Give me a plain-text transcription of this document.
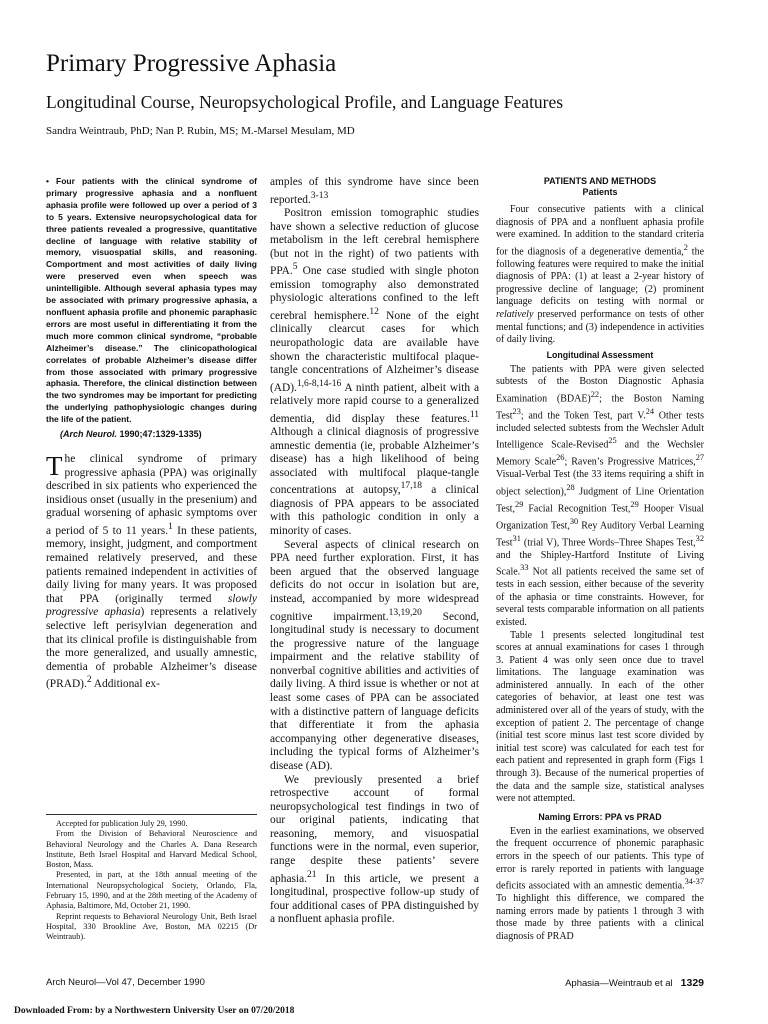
Primary Progressive Aphasia
Longitudinal Course, Neuropsychological Profile, and Language Features
Sandra Weintraub, PhD; Nan P. Rubin, MS; M.-Marsel Mesulam, MD
• Four patients with the clinical syndrome of primary progressive aphasia and a nonfluent aphasia profile were followed up over a period of 3 to 5 years. Extensive neuropsychological data for three patients revealed a progressive, quantitative decline of language with relative stability of memory, visuospatial skills, and reasoning. Comportment and most activities of daily living were preserved even when speech was unintelligible. Although several aphasia types may be associated with primary progressive aphasia, a nonfluent aphasia profile and phonemic paraphasic errors are most useful in differentiating it from the much more common clinical syndrome, “probable Alzheimer’s disease.” The clinicopathological correlates of probable Alzheimer’s disease differ from those associated with primary progressive aphasia. Therefore, the clinical distinction between the two syndromes may be important for predicting the underlying pathophysiologic changes during the life of the patient.
(Arch Neurol. 1990;47:1329-1335)

The clinical syndrome of primary progressive aphasia (PPA) was originally described in six patients who experienced the insidious onset (usually in the presenium) and gradual worsening of aphasic symptoms over a period of 5 to 11 years.$^1$ In these patients, memory, insight, judgment, and comportment remained relatively preserved, and these patients remained independent in activities of daily living for many years. It was proposed that PPA (originally termed slowly progressive aphasia) represents a relatively selective left perisylvian degeneration and that its clinical profile is distinguishable from the more generalized, and usually amnestic, dementia of probable Alzheimer’s disease (PRAD).$^2$ Additional ex-

Accepted for publication July 29, 1990.

From the Division of Behavioral Neuroscience and Behavioral Neurology and the Charles A. Dana Research Institute, Beth Israel Hospital and Harvard Medical School, Boston, Mass.

Presented, in part, at the 18th annual meeting of the International Neuropsychological Society, Orlando, Fla, February 15, 1990, and at the 28th meeting of the Academy of Aphasia, Baltimore, Md, October 21, 1990.

Reprint requests to Behavioral Neurology Unit, Beth Israel Hospital, 330 Brookline Ave, Boston, MA 02215 (Dr Weintraub).

amples of this syndrome have since been reported.$^{3-13}$

Positron emission tomographic studies have shown a selective reduction of glucose metabolism in the left cerebral hemisphere (but not in the right) of two patients with PPA.$^5$ One case studied with single photon emission tomography also demonstrated physiologic alterations confined to the left cerebral hemisphere.$^{12}$ None of the eight clinically clearcut cases for which neuropathologic data are available have shown the characteristic multifocal plaque-tangle concentrations of Alzheimer’s disease (AD).$^{1,6-8,14-16}$ A ninth patient, albeit with a relatively more rapid course to a generalized dementia, did display these features.$^{11}$ Although a clinical diagnosis of progressive amnestic dementia (ie, probable Alzheimer’s disease) has a high likelihood of being associated with multifocal plaque-tangle concentrations at autopsy,$^{17,18}$ a clinical diagnosis of PPA appears to be associated with this pathologic condition in only a minority of cases.

Several aspects of clinical research on PPA need further exploration. First, it has been argued that the observed language deficits do not occur in isolation but are, instead, accompanied by more widespread cognitive impairment.$^{13,19,20}$ Second, longitudinal study is necessary to document the progressive nature of the language impairment and the relative stability of nonverbal cognitive abilities and activities of daily living. A third issue is whether or not at least some cases of PPA can be associated with a distinctive pattern of language deficits that differentiate it from the aphasia accompanying other degenerative diseases, including the typical forms of Alzheimer’s disease (AD).

We previously presented a brief retrospective account of formal neuropsychological test findings in two of our original patients, indicating that reasoning, memory, and visuospatial functions were in the normal, even superior, range despite these patients’ severe aphasia.$^{21}$ In this article, we present a longitudinal, prospective follow-up study of four additional cases of PPA distinguished by a nonfluent aphasia profile.

PATIENTS AND METHODS

Patients

Four consecutive patients with a clinical diagnosis of PPA and a nonfluent aphasia profile were examined. In addition to the standard criteria for the diagnosis of a degenerative dementia,$^2$ the following features were required to make the initial diagnosis of PPA: (1) at least a 2-year history of progressive decline of language; (2) prominent language deficits on testing with normal or relatively preserved performance on tests of other mental functions; and (3) independence in activities of daily living.

Longitudinal Assessment

The patients with PPA were given selected subtests of the Boston Diagnostic Aphasia Examination (BDAE)$^{22}$; the Boston Naming Test$^{23}$; and the Token Test, part V.$^{24}$ Other tests included selected subtests from the Wechsler Adult Intelligence Scale-Revised$^{25}$ and the Wechsler Memory Scale$^{26}$; Raven’s Progressive Matrices,$^{27}$ Visual-Verbal Test (the 33 items requiring a shift in object selection),$^{28}$ Judgment of Line Orientation Test,$^{29}$ Facial Recognition Test,$^{29}$ Hooper Visual Organization Test,$^{30}$ Rey Auditory Verbal Learning Test$^{31}$ (trial V), Three Words–Three Shapes Test,$^{32}$ and the Shipley-Hartford Institute of Living Scale.$^{33}$ Not all patients received the same set of tests in each session, either because of the severity of the aphasia or time constraints. However, for several tests comparable information on all patients existed.

Table 1 presents selected longitudinal test scores at annual examinations for cases 1 through 3. Patient 4 was only seen once due to travel limitations. The language examination was administered annually. In each of the other categories of behavior, at least one test was administered over all of the years of study, with the exception of patient 2. The percentage of change (initial test score minus last test score divided by initial test score) was calculated for each test for each patient and represented in graph form (Figs 1 through 3). Because of the numerical properties of the data and the sample size, statistical analyses were not attempted.

Naming Errors: PPA vs PRAD

Even in the earliest examinations, we observed the frequent occurrence of phonemic paraphasic errors in the speech of our patients. This type of error is rarely reported in patients with language deficits associated with an amnestic dementia.$^{34-37}$ To highlight this difference, we compared the naming errors made by patients 1 through 3 with those made by three patients with a clinical diagnosis of PRAD

Arch Neurol—Vol 47, December 1990	Aphasia—Weintraub et al 1329
Downloaded From: by a Northwestern University User on 07/20/2018
